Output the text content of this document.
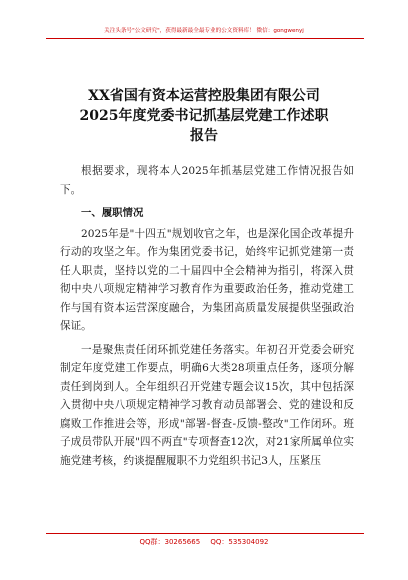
关注头条号"公文研究"，获得最新最全最专业的公文资料库！ 微信：gongwenyj
XX省国有资本运营控股集团有限公司
2025年度党委书记抓基层党建工作述职
报告

根据要求，现将本人2025年抓基层党建工作情况报告如下。

一、履职情况

2025年是"十四五"规划收官之年，也是深化国企改革提升行动的攻坚之年。作为集团党委书记，始终牢记抓党建第一责任人职责，坚持以党的二十届四中全会精神为指引，将深入贯彻中央八项规定精神学习教育作为重要政治任务，推动党建工作与国有资本运营深度融合，为集团高质量发展提供坚强政治保证。

一是聚焦责任闭环抓党建任务落实。年初召开党委会研究制定年度党建工作要点，明确6大类28项重点任务，逐项分解责任到岗到人。全年组织召开党建专题会议15次，其中包括深入贯彻中央八项规定精神学习教育动员部署会、党的建设和反腐败工作推进会等，形成"部署-督查-反馈-整改"工作闭环。班子成员带队开展"四不两直"专项督查12次，对21家所属单位实施党建考核，约谈提醒履职不力党组织书记3人，压紧压

QQ群：30265665 QQ：535304092
